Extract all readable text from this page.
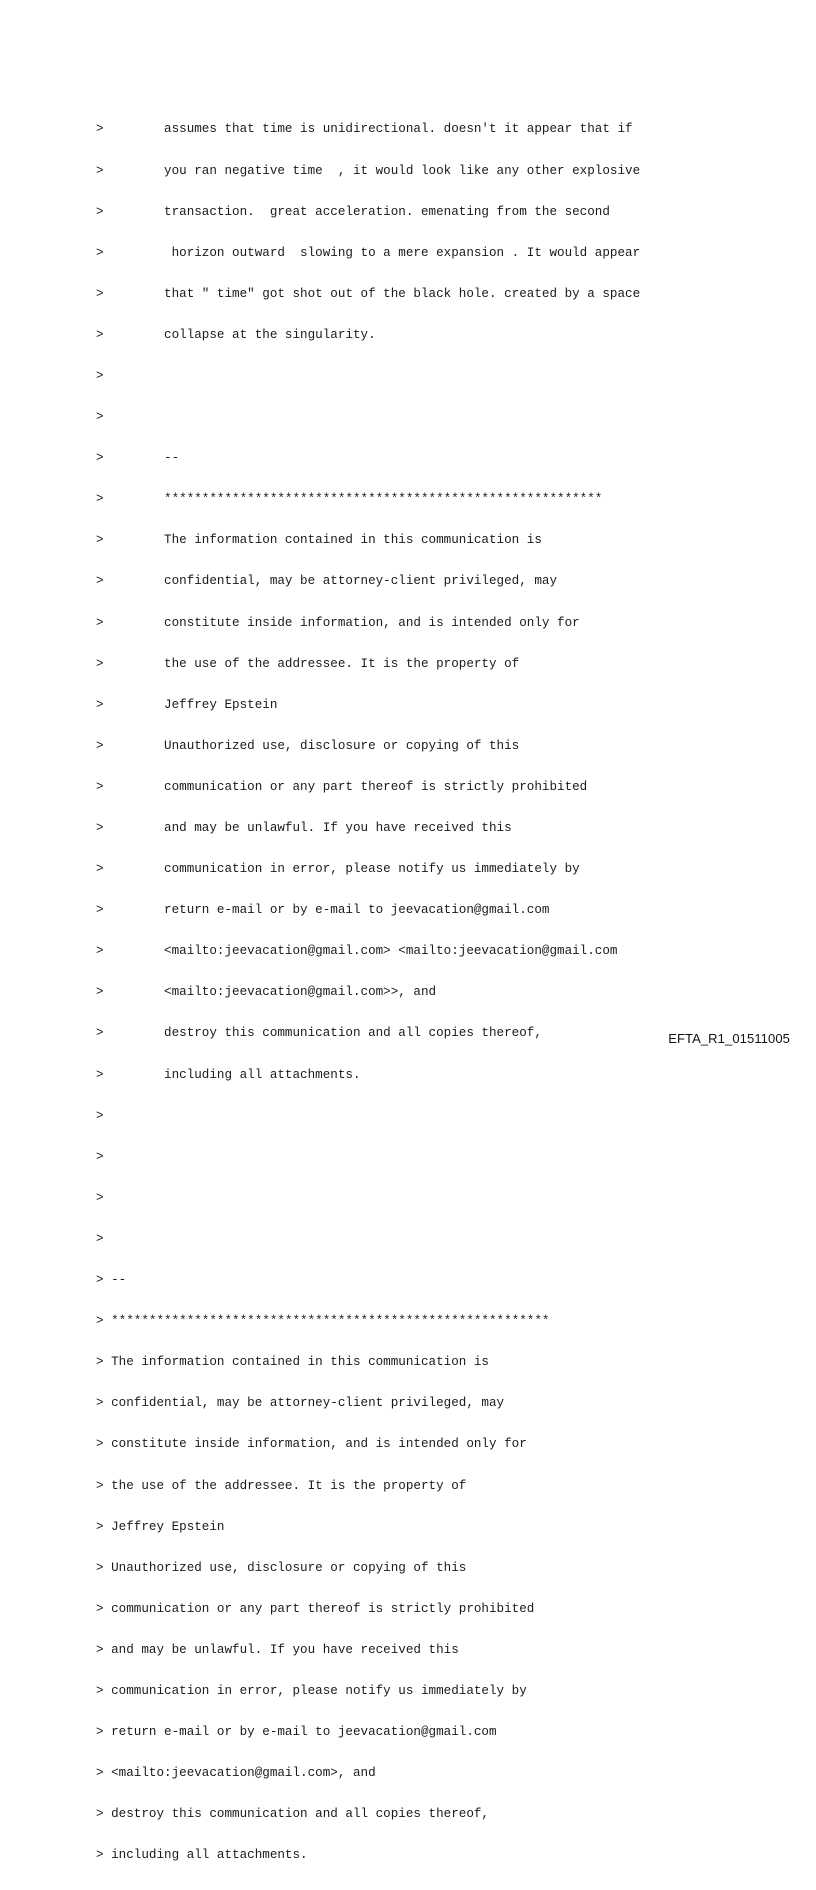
>        assumes that time is unidirectional. doesn't it appear that if

>        you ran negative time  , it would look like any other explosive

>        transaction.  great acceleration. emenating from the second

>         horizon outward  slowing to a mere expansion . It would appear

>        that " time" got shot out of the black hole. created by a space

>        collapse at the singularity.

>

>

>        --

>        **********************************************************

>        The information contained in this communication is

>        confidential, may be attorney-client privileged, may

>        constitute inside information, and is intended only for

>        the use of the addressee. It is the property of

>        Jeffrey Epstein

>        Unauthorized use, disclosure or copying of this

>        communication or any part thereof is strictly prohibited

>        and may be unlawful. If you have received this

>        communication in error, please notify us immediately by

>        return e-mail or by e-mail to jeevacation@gmail.com

>        <mailto:jeevacation@gmail.com> <mailto:jeevacation@gmail.com

>        <mailto:jeevacation@gmail.com>>, and

>        destroy this communication and all copies thereof,

>        including all attachments.

>

>

>

>

> --

> **********************************************************

> The information contained in this communication is

> confidential, may be attorney-client privileged, may

> constitute inside information, and is intended only for

> the use of the addressee. It is the property of

> Jeffrey Epstein

> Unauthorized use, disclosure or copying of this

> communication or any part thereof is strictly prohibited

> and may be unlawful. If you have received this

> communication in error, please notify us immediately by

> return e-mail or by e-mail to jeevacation@gmail.com

> <mailto:jeevacation@gmail.com>, and

> destroy this communication and all copies thereof,

> including all attachments.

EFTA_R1_01511005
